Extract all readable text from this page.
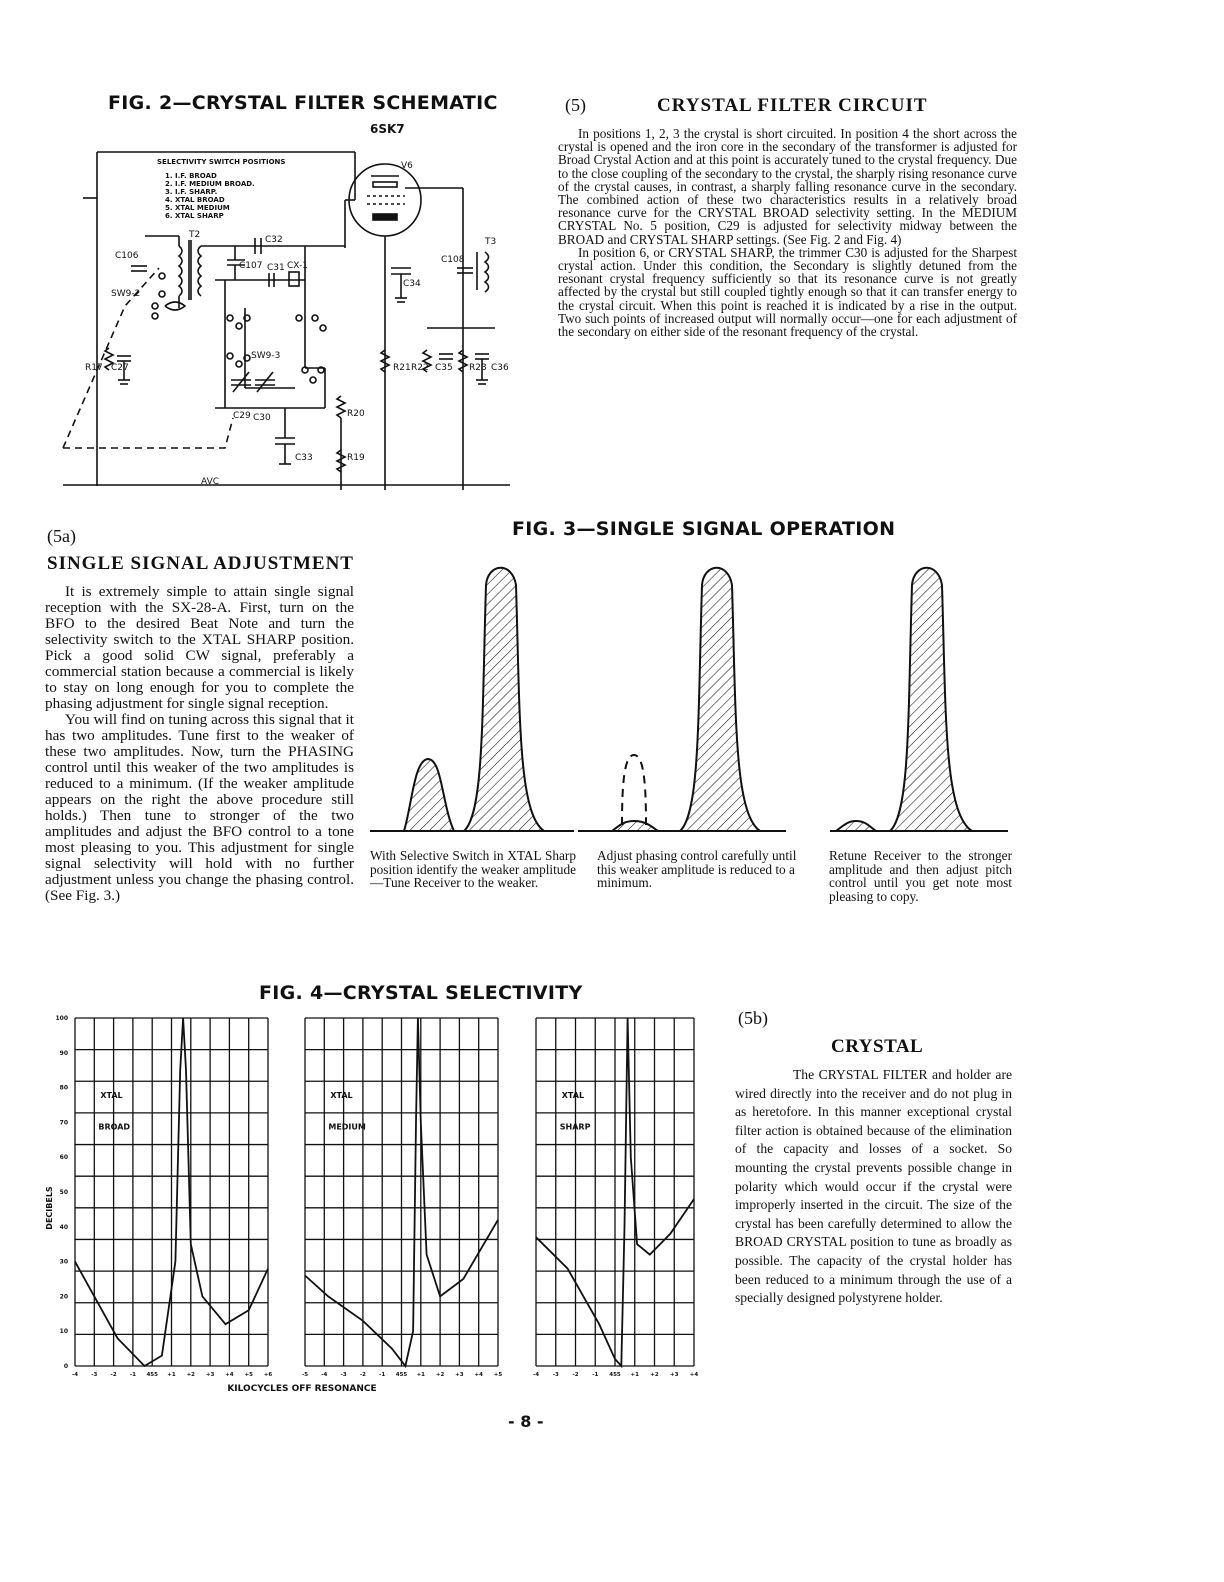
FIG. 2—CRYSTAL FILTER SCHEMATIC
SELECTIVITY SWITCH POSITIONS
1. I.F. BROAD
2. I.F. MEDIUM BROAD.
3. I.F. SHARP.
4. XTAL BROAD
5. XTAL MEDIUM
6. XTAL SHARP
V6
T2
T3
C32
C106
C107 C31 CX-1
C34
C108
SW9-2
SW9-3
R17 C27	R21 R22 C35 R23 C36
C29 C30	R20
C33	R19
AVC
6SK7
(5)	CRYSTAL FILTER CIRCUIT

In positions 1, 2, 3 the crystal is short circuited. In position 4 the short across the crystal is opened and the iron core in the secondary of the transformer is adjusted for Broad Crystal Action and at this point is accurately tuned to the crystal frequency. Due to the close coupling of the secondary to the crystal, the sharply rising resonance curve of the crystal causes, in contrast, a sharply falling resonance curve in the secondary. The combined action of these two characteristics results in a relatively broad resonance curve for the CRYSTAL BROAD selectivity setting. In the MEDIUM CRYSTAL No. 5 position, C29 is adjusted for selectivity midway between the BROAD and CRYSTAL SHARP settings. (See Fig. 2 and Fig. 4)

In position 6, or CRYSTAL SHARP, the trimmer C30 is adjusted for the Sharpest crystal action. Under this condition, the Secondary is slightly detuned from the resonant crystal frequency sufficiently so that its resonance curve is not greatly affected by the crystal but still coupled tightly enough so that it can transfer energy to the crystal circuit. When this point is reached it is indicated by a rise in the output. Two such points of increased output will normally occur—one for each adjustment of the secondary on either side of the resonant frequency of the crystal.

(5a)
SINGLE SIGNAL ADJUSTMENT

It is extremely simple to attain single signal reception with the SX-28-A. First, turn on the BFO to the desired Beat Note and turn the selectivity switch to the XTAL SHARP position. Pick a good solid CW signal, preferably a commercial station because a commercial is likely to stay on long enough for you to complete the phasing adjustment for single signal reception.

You will find on tuning across this signal that it has two amplitudes. Tune first to the weaker of these two amplitudes. Now, turn the PHASING control until this weaker of the two amplitudes is reduced to a minimum. (If the weaker amplitude appears on the right the above procedure still holds.) Then tune to stronger of the two amplitudes and adjust the BFO control to a tone most pleasing to you. This adjustment for single signal selectivity will hold with no further adjustment unless you change the phasing control. (See Fig. 3.)

FIG. 3—SINGLE SIGNAL OPERATION
With Selective Switch in XTAL Sharp position identify the weaker amplitude—Tune Receiver to the weaker.
Adjust phasing control carefully until this weaker amplitude is reduced to a minimum.
Retune Receiver to the stronger amplitude and then adjust pitch control until you get note most pleasing to copy.
FIG. 4—CRYSTAL SELECTIVITY
100
90
80
70
60
50
40
30
20
10
0
DECIBELS
XTAL
BROAD
-4 -3 -2 -1 455 +1 +2 +3 +4 +5 +6
XTAL
MEDIUM
-5 -4 -3 -2 -1 455 +1 +2 +3 +4 +5
XTAL
SHARP
-4 -3 -2 -1 455 +1 +2 +3 +4
KILOCYCLES OFF RESONANCE
(5b)
CRYSTAL

The CRYSTAL FILTER and holder are wired directly into the receiver and do not plug in as heretofore. In this manner exceptional crystal filter action is obtained because of the elimination of the capacity and losses of a socket. So mounting the crystal prevents possible change in polarity which would occur if the crystal were improperly inserted in the circuit. The size of the crystal has been carefully determined to allow the BROAD CRYSTAL position to tune as broadly as possible. The capacity of the crystal holder has been reduced to a minimum through the use of a specially designed polystyrene holder.

- 8 -
